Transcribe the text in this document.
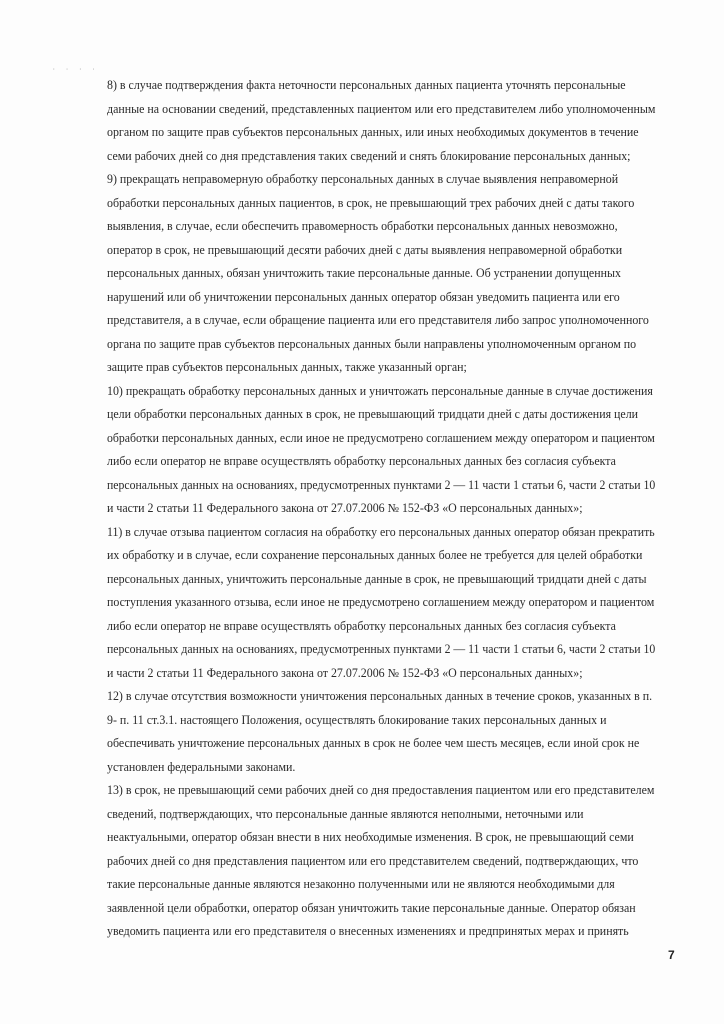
· · · ·
8) в случае подтверждения факта неточности персональных данных пациента уточнять персональные
данные на основании сведений, представленных пациентом или его представителем либо уполномоченным
органом по защите прав субъектов персональных данных, или иных необходимых документов в течение
семи рабочих дней со дня представления таких сведений и снять блокирование персональных данных;
9) прекращать неправомерную обработку персональных данных в случае выявления неправомерной
обработки персональных данных пациентов, в срок, не превышающий трех рабочих дней с даты такого
выявления, в случае, если обеспечить правомерность обработки персональных данных невозможно,
оператор в срок, не превышающий десяти рабочих дней с даты выявления неправомерной обработки
персональных данных, обязан уничтожить такие персональные данные. Об устранении допущенных
нарушений или об уничтожении персональных данных оператор обязан уведомить пациента или его
представителя, а в случае, если обращение пациента или его представителя либо запрос уполномоченного
органа по защите прав субъектов персональных данных были направлены уполномоченным органом по
защите прав субъектов персональных данных, также указанный орган;
10) прекращать обработку персональных данных и уничтожать персональные данные в случае достижения
цели обработки персональных данных в срок, не превышающий тридцати дней с даты достижения цели
обработки персональных данных, если иное не предусмотрено соглашением между оператором и пациентом
либо если оператор не вправе осуществлять обработку персональных данных без согласия субъекта
персональных данных на основаниях, предусмотренных пунктами 2 — 11 части 1 статьи 6, части 2 статьи 10
и части 2 статьи 11 Федерального закона от 27.07.2006 № 152-ФЗ «О персональных данных»;
11) в случае отзыва пациентом согласия на обработку его персональных данных оператор обязан прекратить
их обработку и в случае, если сохранение персональных данных более не требуется для целей обработки
персональных данных, уничтожить персональные данные в срок, не превышающий тридцати дней с даты
поступления указанного отзыва, если иное не предусмотрено соглашением между оператором и пациентом
либо если оператор не вправе осуществлять обработку персональных данных без согласия субъекта
персональных данных на основаниях, предусмотренных пунктами 2 — 11 части 1 статьи 6, части 2 статьи 10
и части 2 статьи 11 Федерального закона от 27.07.2006 № 152-ФЗ «О персональных данных»;
12) в случае отсутствия возможности уничтожения персональных данных в течение сроков, указанных в п.
9- п. 11 ст.3.1. настоящего Положения, осуществлять блокирование таких персональных данных и
обеспечивать уничтожение персональных данных в срок не более чем шесть месяцев, если иной срок не
установлен федеральными законами.
13) в срок, не превышающий семи рабочих дней со дня предоставления пациентом или его представителем
сведений, подтверждающих, что персональные данные являются неполными, неточными или
неактуальными, оператор обязан внести в них необходимые изменения. В срок, не превышающий семи
рабочих дней со дня представления пациентом или его представителем сведений, подтверждающих, что
такие персональные данные являются незаконно полученными или не являются необходимыми для
заявленной цели обработки, оператор обязан уничтожить такие персональные данные. Оператор обязан
уведомить пациента или его представителя о внесенных изменениях и предпринятых мерах и принять
7
